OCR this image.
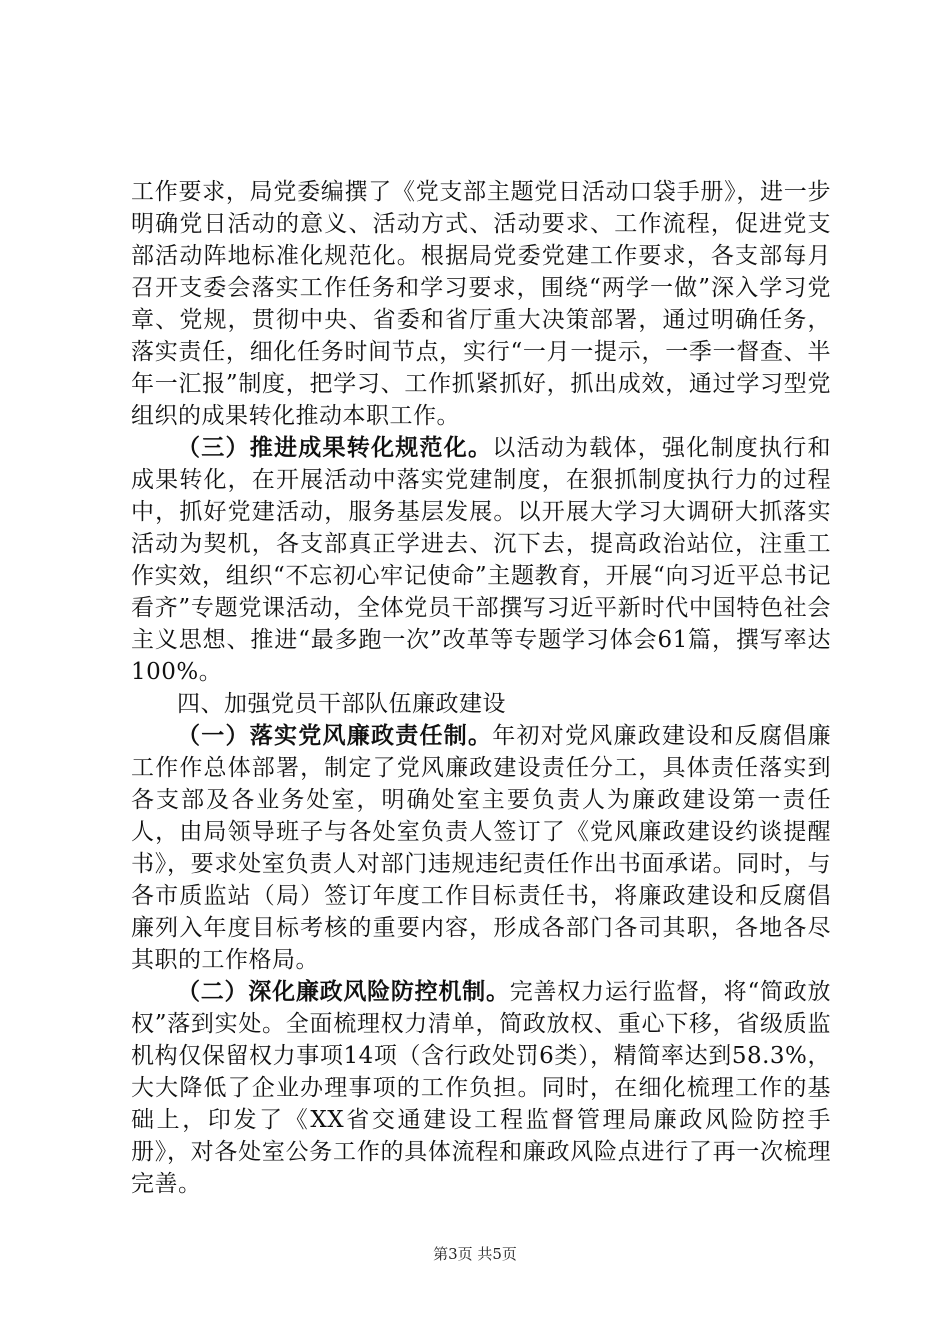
工作要求，局党委编撰了《党支部主题党日活动口袋手册》，进一步明确党日活动的意义、活动方式、活动要求、工作流程，促进党支部活动阵地标准化规范化。根据局党委党建工作要求，各支部每月召开支委会落实工作任务和学习要求，围绕“两学一做”深入学习党章、党规，贯彻中央、省委和省厅重大决策部署，通过明确任务，落实责任，细化任务时间节点，实行“一月一提示，一季一督查、半年一汇报”制度，把学习、工作抓紧抓好，抓出成效，通过学习型党组织的成果转化推动本职工作。

（三）推进成果转化规范化。以活动为载体，强化制度执行和成果转化，在开展活动中落实党建制度，在狠抓制度执行力的过程中，抓好党建活动，服务基层发展。以开展大学习大调研大抓落实活动为契机，各支部真正学进去、沉下去，提高政治站位，注重工作实效，组织“不忘初心牢记使命”主题教育，开展“向习近平总书记看齐”专题党课活动，全体党员干部撰写习近平新时代中国特色社会主义思想、推进“最多跑一次”改革等专题学习体会61篇，撰写率达100%。

四、加强党员干部队伍廉政建设

（一）落实党风廉政责任制。年初对党风廉政建设和反腐倡廉工作作总体部署，制定了党风廉政建设责任分工，具体责任落实到各支部及各业务处室，明确处室主要负责人为廉政建设第一责任人，由局领导班子与各处室负责人签订了《党风廉政建设约谈提醒书》，要求处室负责人对部门违规违纪责任作出书面承诺。同时，与各市质监站（局）签订年度工作目标责任书，将廉政建设和反腐倡廉列入年度目标考核的重要内容，形成各部门各司其职，各地各尽其职的工作格局。

（二）深化廉政风险防控机制。完善权力运行监督，将“简政放权”落到实处。全面梳理权力清单，简政放权、重心下移，省级质监机构仅保留权力事项14项（含行政处罚6类），精简率达到58.3%，大大降低了企业办理事项的工作负担。同时，在细化梳理工作的基础上，印发了《XX省交通建设工程监督管理局廉政风险防控手册》，对各处室公务工作的具体流程和廉政风险点进行了再一次梳理完善。

第3页 共5页
